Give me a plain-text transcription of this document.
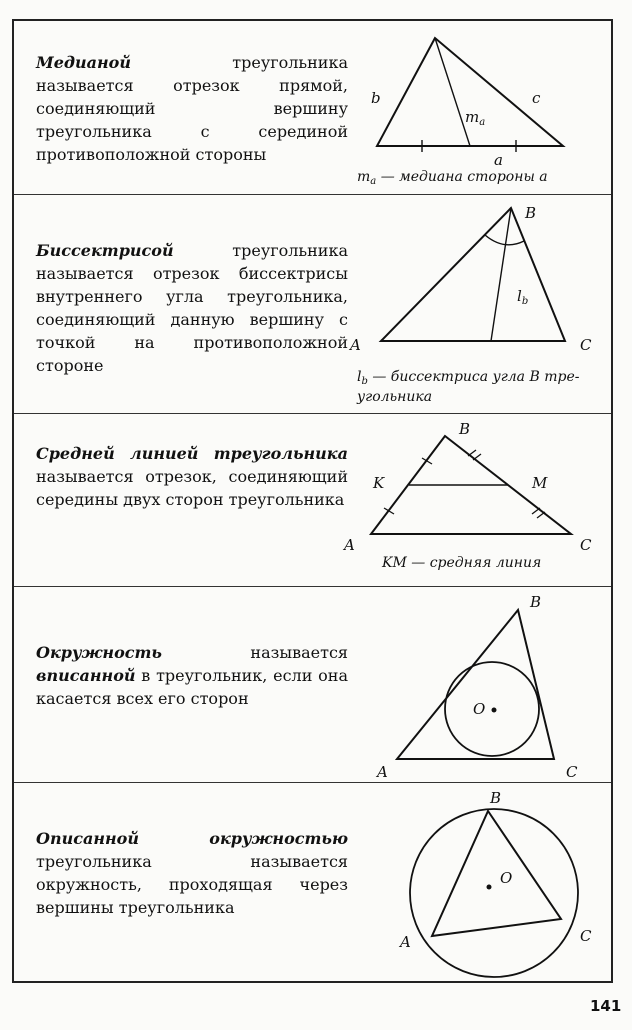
Медианой треугольника называется отрезок прямой, соединяющий вершину треугольника с серединой противоположной стороны
b	c
a
$m_a$
$m_a$ — медиана стороны a
Биссектрисой треугольника называется отрезок биссектрисы внутреннего угла треугольника, соединяющий данную вершину с точкой на противоположной стороне
B
A	C
$l_b$
$l_b$ — биссектриса угла B тре-
угольника
Средней линией треугольника называется отрезок, соединяющий середины двух сторон треугольника
B
K	M
A	C
KM — средняя линия
Окружность называется вписанной в треугольник, если она касается всех его сторон
O
B
A	C
Описанной окружностью треугольника называется окружность, проходящая через вершины треугольника
O
B
A	C
141
